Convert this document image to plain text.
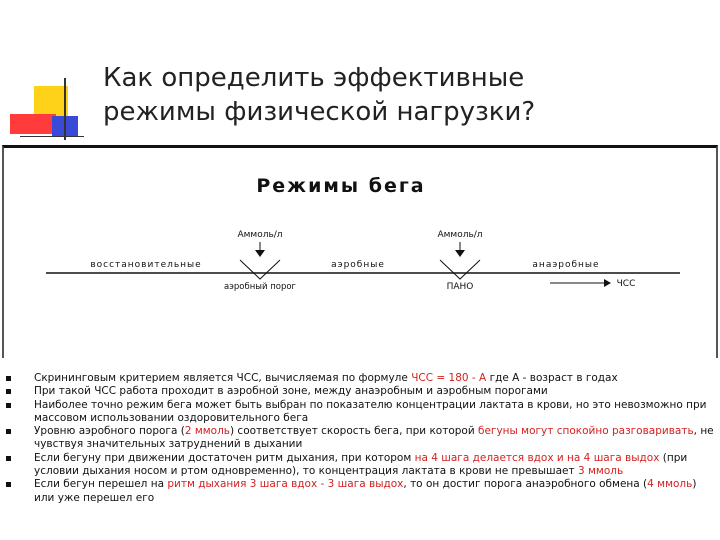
Как определить эффективные
режимы физической нагрузки?
Режимы бега
Аммоль/л	Аммоль/л
восстановительные	аэробные	анаэробные
ЧСС
аэробный порог	ПАНО
Скрининговым критерием является ЧСС, вычисляемая по формуле ЧСС = 180 - А где А - возраст в годах
При такой ЧСС работа проходит в аэробной зоне, между анаэробным и аэробным порогами
Наиболее точно режим бега может быть выбран по показателю концентрации лактата в крови, но это невозможно при массовом использовании оздоровительного бега
Уровню аэробного порога (2 ммоль) соответствует скорость бега, при которой бегуны могут спокойно разговаривать, не чувствуя значительных затруднений в дыхании
Если бегуну при движении достаточен ритм дыхания, при котором на 4 шага делается вдох и на 4 шага выдох (при условии дыхания носом и ртом одновременно), то концентрация лактата в крови не превышает 3 ммоль
Если бегун перешел на ритм дыхания 3 шага вдох - 3 шага выдох, то он достиг порога анаэробного обмена (4 ммоль) или уже перешел его
